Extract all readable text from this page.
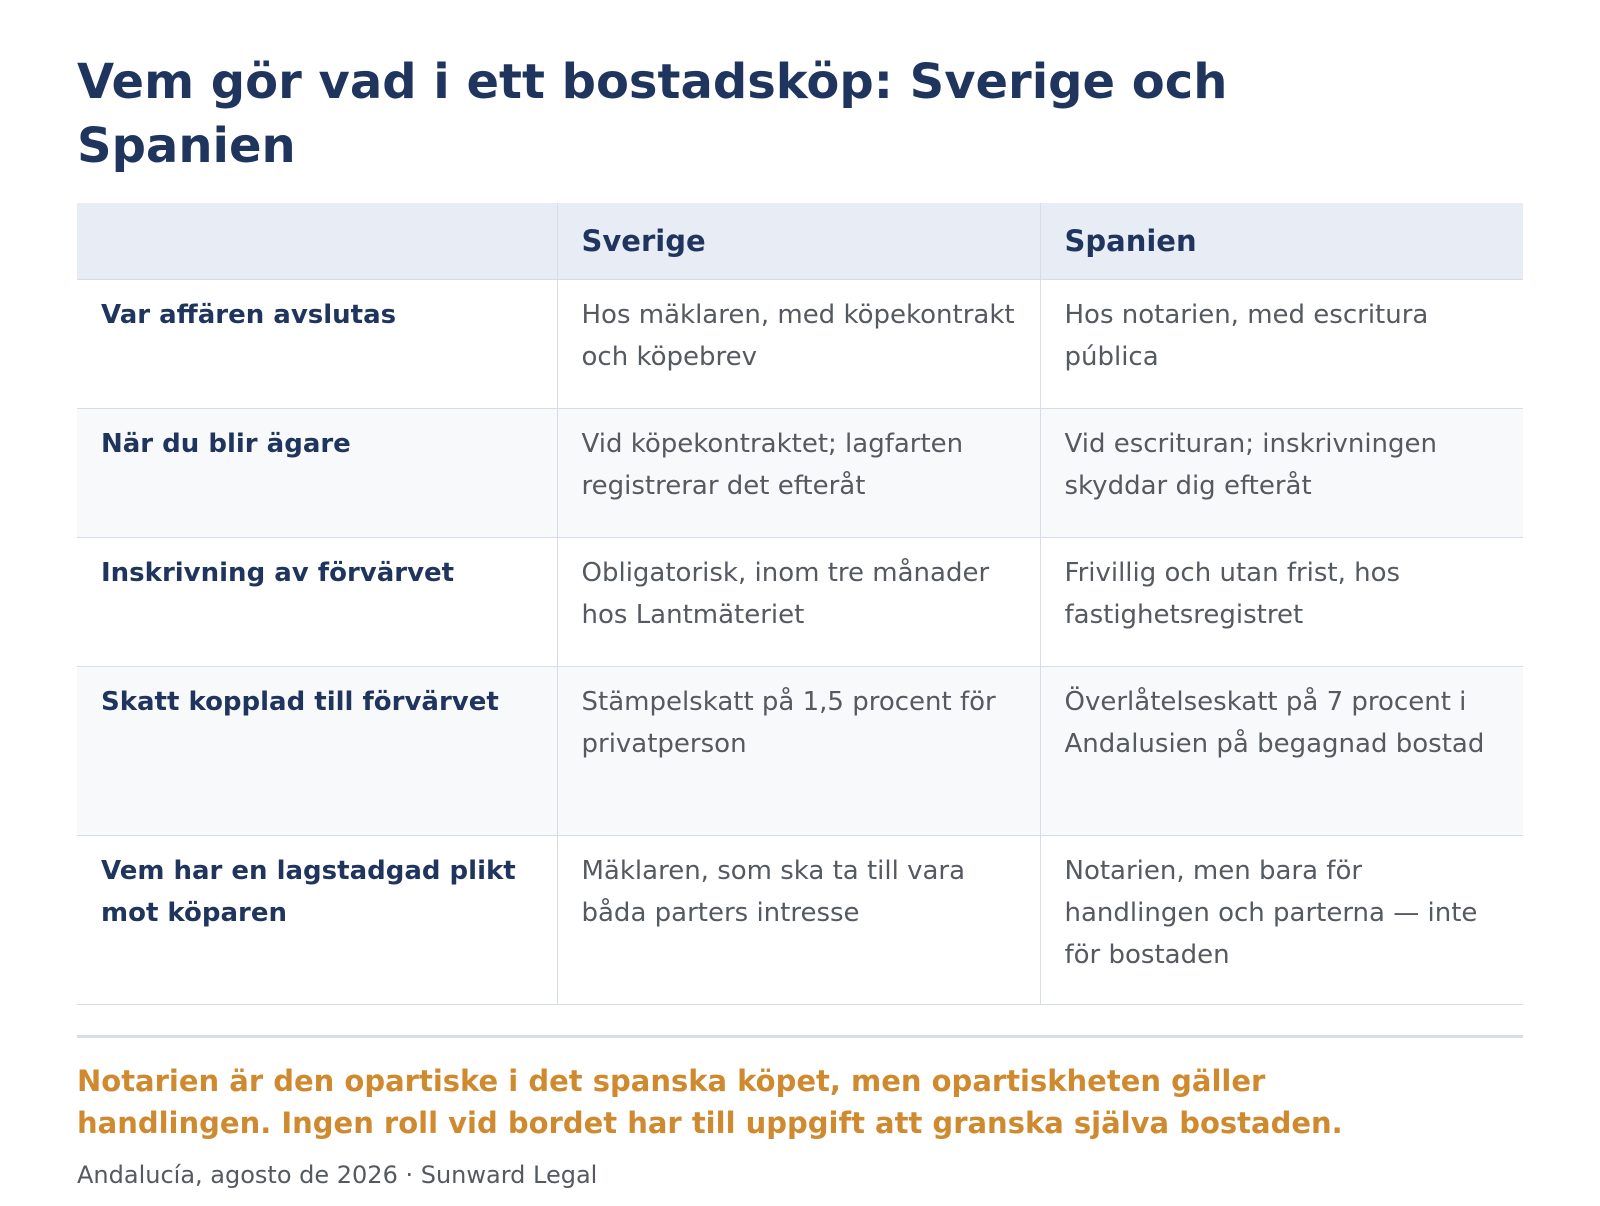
Vem gör vad i ett bostadsköp: Sverige och Spanien
	Sverige	Spanien
Var affären avslutas	Hos mäklaren, med köpekontrakt och köpebrev	Hos notarien, med escritura pública
När du blir ägare	Vid köpekontraktet; lagfarten registrerar det efteråt	Vid escrituran; inskrivningen skyddar dig efteråt
Inskrivning av förvärvet	Obligatorisk, inom tre månader hos Lantmäteriet	Frivillig och utan frist, hos fastighetsregistret
Skatt kopplad till förvärvet	Stämpelskatt på 1,5 procent för privatperson	Överlåtelseskatt på 7 procent i Andalusien på begagnad bostad
Vem har en lagstadgad plikt mot köparen	Mäklaren, som ska ta till vara båda parters intresse	Notarien, men bara för handlingen och parterna — inte för bostaden

Notarien är den opartiske i det spanska köpet, men opartiskheten gäller handlingen. Ingen roll vid bordet har till uppgift att granska själva bostaden.

Andalucía, agosto de 2026 · Sunward Legal
